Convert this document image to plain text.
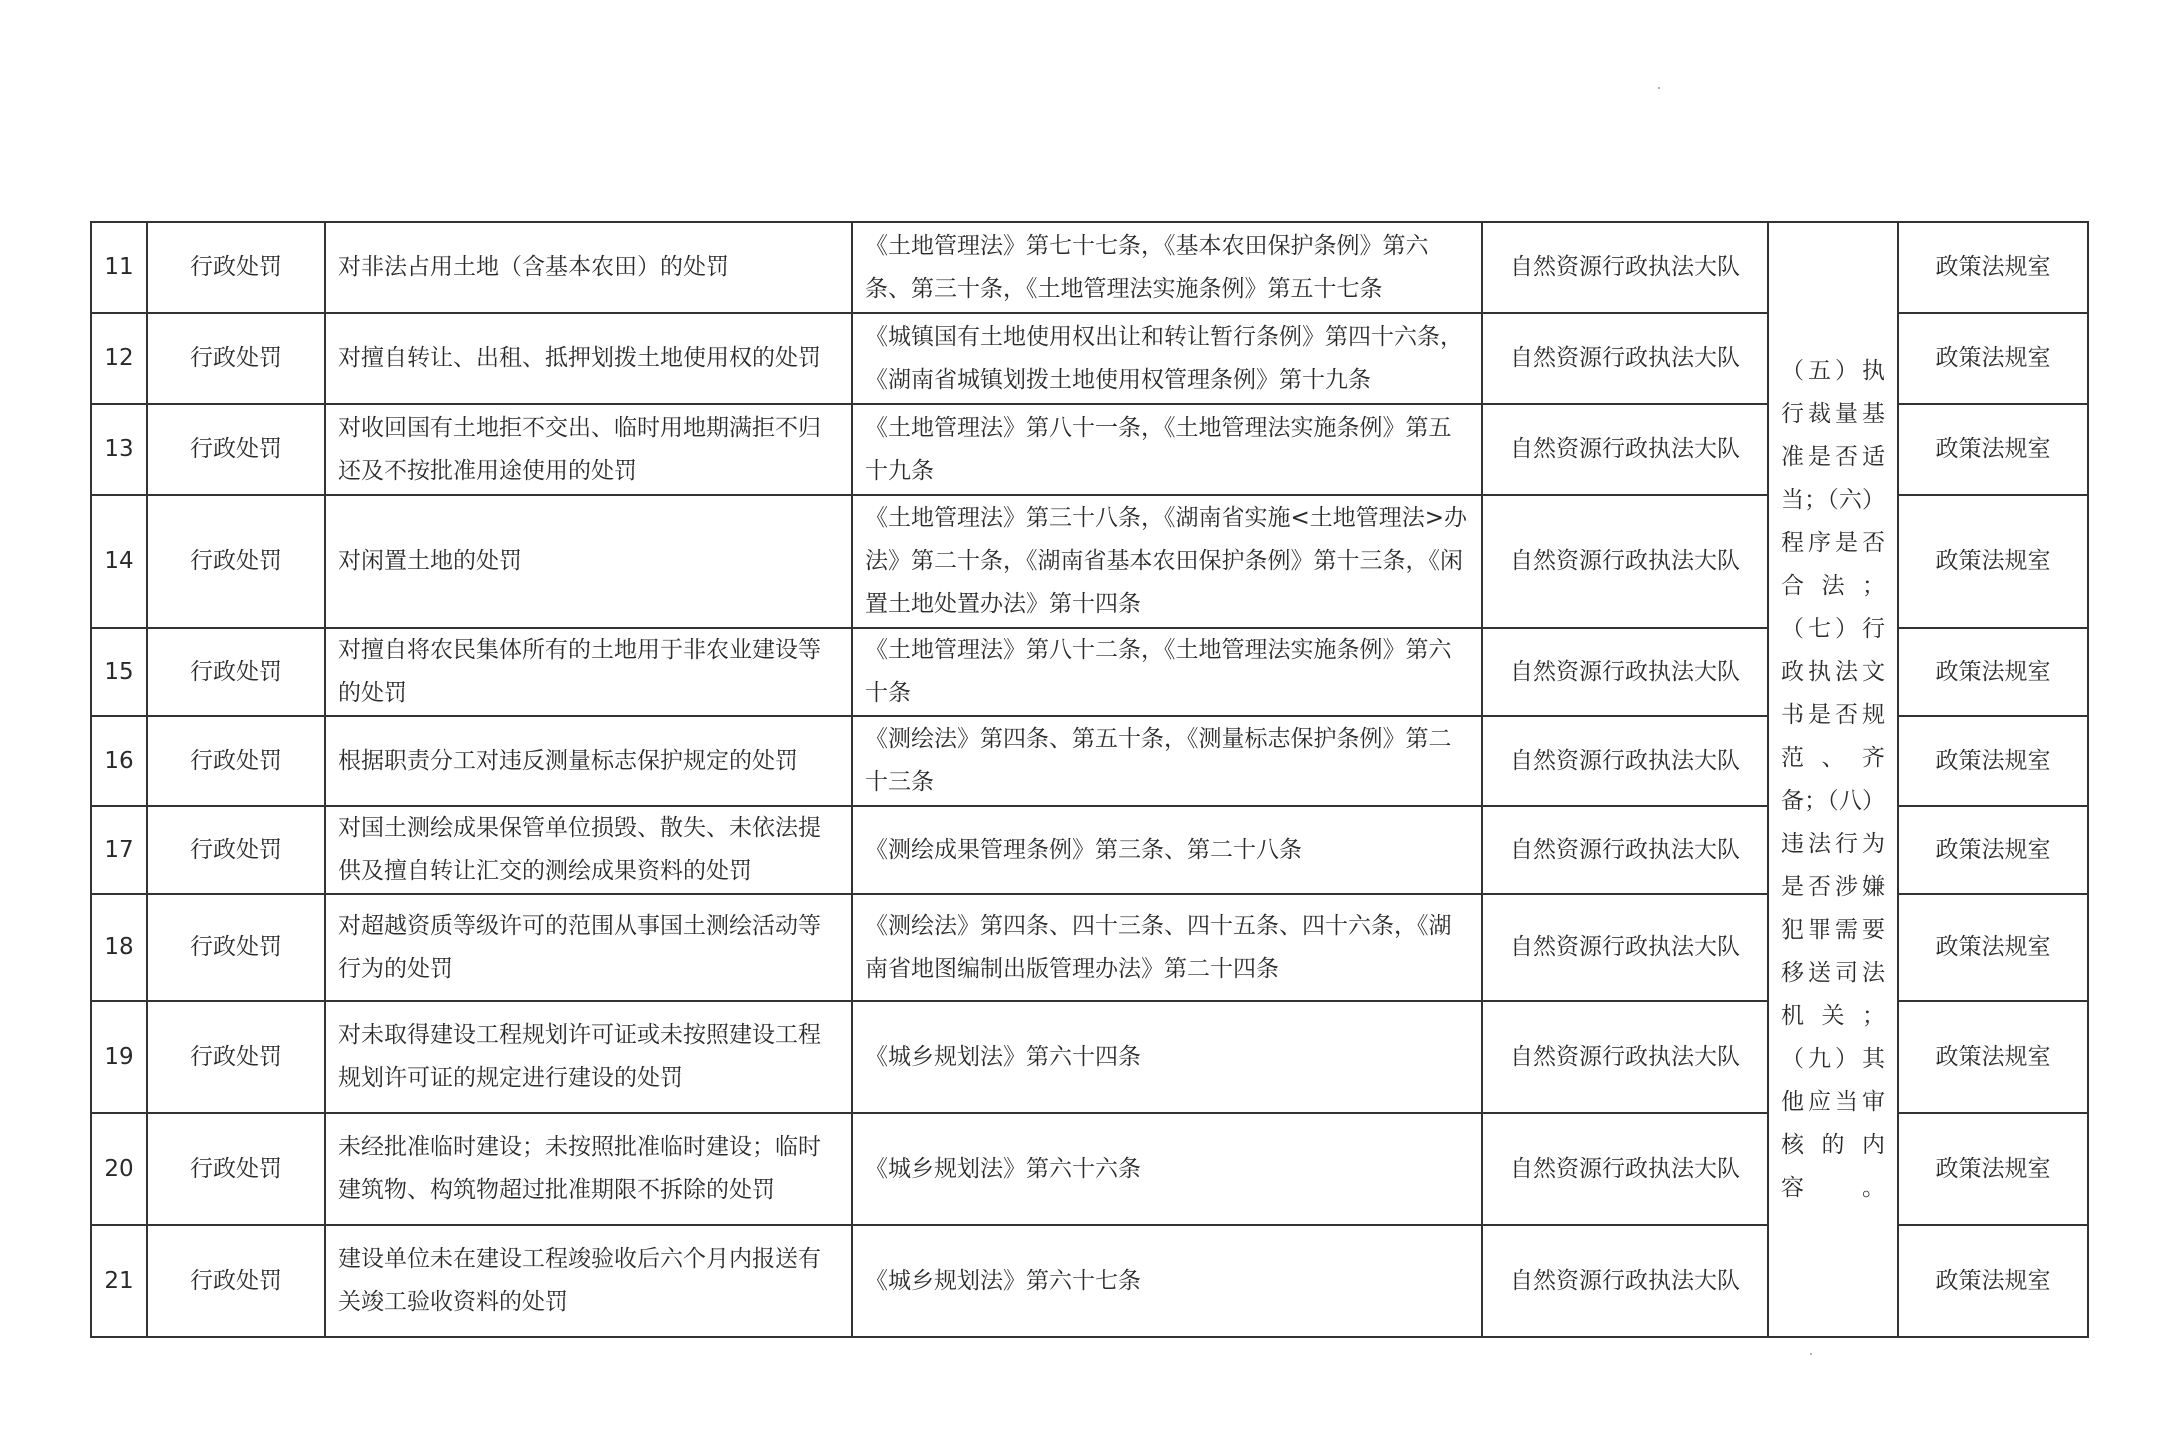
11	行政处罚	对非法占用土地（含基本农田）的处罚	《土地管理法》第七十七条，《基本农田保护条例》第六条、第三十条，《土地管理法实施条例》第五十七条	自然资源行政执法大队	（五）执行裁量基准是否适当；（六）程序是否合法；（七）行政执法文书是否规范、齐备；（八）违法行为是否涉嫌犯罪需要移送司法机关；（九）其他应当审核的内容。	政策法规室
12	行政处罚	对擅自转让、出租、抵押划拨土地使用权的处罚	《城镇国有土地使用权出让和转让暂行条例》第四十六条，《湖南省城镇划拨土地使用权管理条例》第十九条	自然资源行政执法大队		政策法规室
13	行政处罚	对收回国有土地拒不交出、临时用地期满拒不归还及不按批准用途使用的处罚	《土地管理法》第八十一条，《土地管理法实施条例》第五十九条	自然资源行政执法大队		政策法规室
14	行政处罚	对闲置土地的处罚	《土地管理法》第三十八条，《湖南省实施<土地管理法>办法》第二十条，《湖南省基本农田保护条例》第十三条，《闲置土地处置办法》第十四条	自然资源行政执法大队		政策法规室
15	行政处罚	对擅自将农民集体所有的土地用于非农业建设等的处罚	《土地管理法》第八十二条，《土地管理法实施条例》第六十条	自然资源行政执法大队		政策法规室
16	行政处罚	根据职责分工对违反测量标志保护规定的处罚	《测绘法》第四条、第五十条，《测量标志保护条例》第二十三条	自然资源行政执法大队		政策法规室
17	行政处罚	对国土测绘成果保管单位损毁、散失、未依法提供及擅自转让汇交的测绘成果资料的处罚	《测绘成果管理条例》第三条、第二十八条	自然资源行政执法大队		政策法规室
18	行政处罚	对超越资质等级许可的范围从事国土测绘活动等行为的处罚	《测绘法》第四条、四十三条、四十五条、四十六条，《湖南省地图编制出版管理办法》第二十四条	自然资源行政执法大队		政策法规室
19	行政处罚	对未取得建设工程规划许可证或未按照建设工程规划许可证的规定进行建设的处罚	《城乡规划法》第六十四条	自然资源行政执法大队		政策法规室
20	行政处罚	未经批准临时建设；未按照批准临时建设；临时建筑物、构筑物超过批准期限不拆除的处罚	《城乡规划法》第六十六条	自然资源行政执法大队		政策法规室
21	行政处罚	建设单位未在建设工程竣验收后六个月内报送有关竣工验收资料的处罚	《城乡规划法》第六十七条	自然资源行政执法大队		政策法规室
